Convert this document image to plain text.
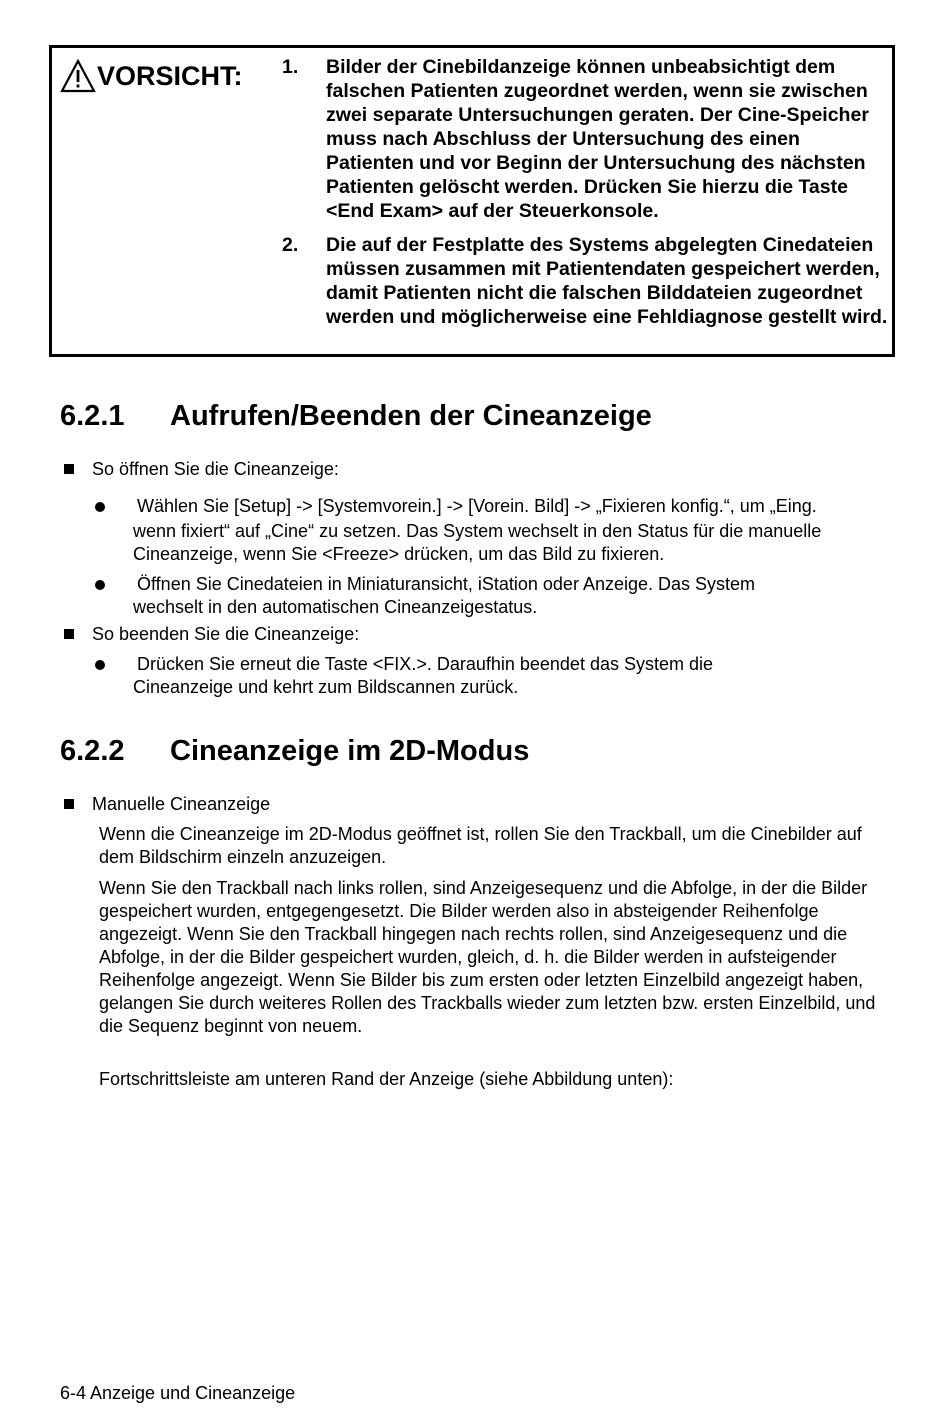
VORSICHT: 1. Bilder der Cinebildanzeige können unbeabsichtigt dem falschen Patienten zugeordnet werden, wenn sie zwischen zwei separate Untersuchungen geraten. Der Cine-Speicher muss nach Abschluss der Untersuchung des einen Patienten und vor Beginn der Untersuchung des nächsten Patienten gelöscht werden. Drücken Sie hierzu die Taste <End Exam> auf der Steuerkonsole.
2. Die auf der Festplatte des Systems abgelegten Cinedateien müssen zusammen mit Patientendaten gespeichert werden, damit Patienten nicht die falschen Bilddateien zugeordnet werden und möglicherweise eine Fehldiagnose gestellt wird.
6.2.1 Aufrufen/Beenden der Cineanzeige
So öffnen Sie die Cineanzeige:
Wählen Sie [Setup] -> [Systemvorein.] -> [Vorein. Bild] -> „Fixieren konfig.“, um „Eing.
wenn fixiert“ auf „Cine“ zu setzen. Das System wechselt in den Status für die manuelle Cineanzeige, wenn Sie <Freeze> drücken, um das Bild zu fixieren.
Öffnen Sie Cinedateien in Miniaturansicht, iStation oder Anzeige. Das System
wechselt in den automatischen Cineanzeigestatus.
So beenden Sie die Cineanzeige:
Drücken Sie erneut die Taste <FIX.>. Daraufhin beendet das System die
Cineanzeige und kehrt zum Bildscannen zurück.
6.2.2 Cineanzeige im 2D-Modus
Manuelle Cineanzeige
Wenn die Cineanzeige im 2D-Modus geöffnet ist, rollen Sie den Trackball, um die Cinebilder auf dem Bildschirm einzeln anzuzeigen.
Wenn Sie den Trackball nach links rollen, sind Anzeigesequenz und die Abfolge, in der die Bilder gespeichert wurden, entgegengesetzt. Die Bilder werden also in absteigender Reihenfolge angezeigt. Wenn Sie den Trackball hingegen nach rechts rollen, sind Anzeigesequenz und die Abfolge, in der die Bilder gespeichert wurden, gleich, d. h. die Bilder werden in aufsteigender Reihenfolge angezeigt. Wenn Sie Bilder bis zum ersten oder letzten Einzelbild angezeigt haben, gelangen Sie durch weiteres Rollen des Trackballs wieder zum letzten bzw. ersten Einzelbild, und die Sequenz beginnt von neuem.
Fortschrittsleiste am unteren Rand der Anzeige (siehe Abbildung unten):
6-4 Anzeige und Cineanzeige
